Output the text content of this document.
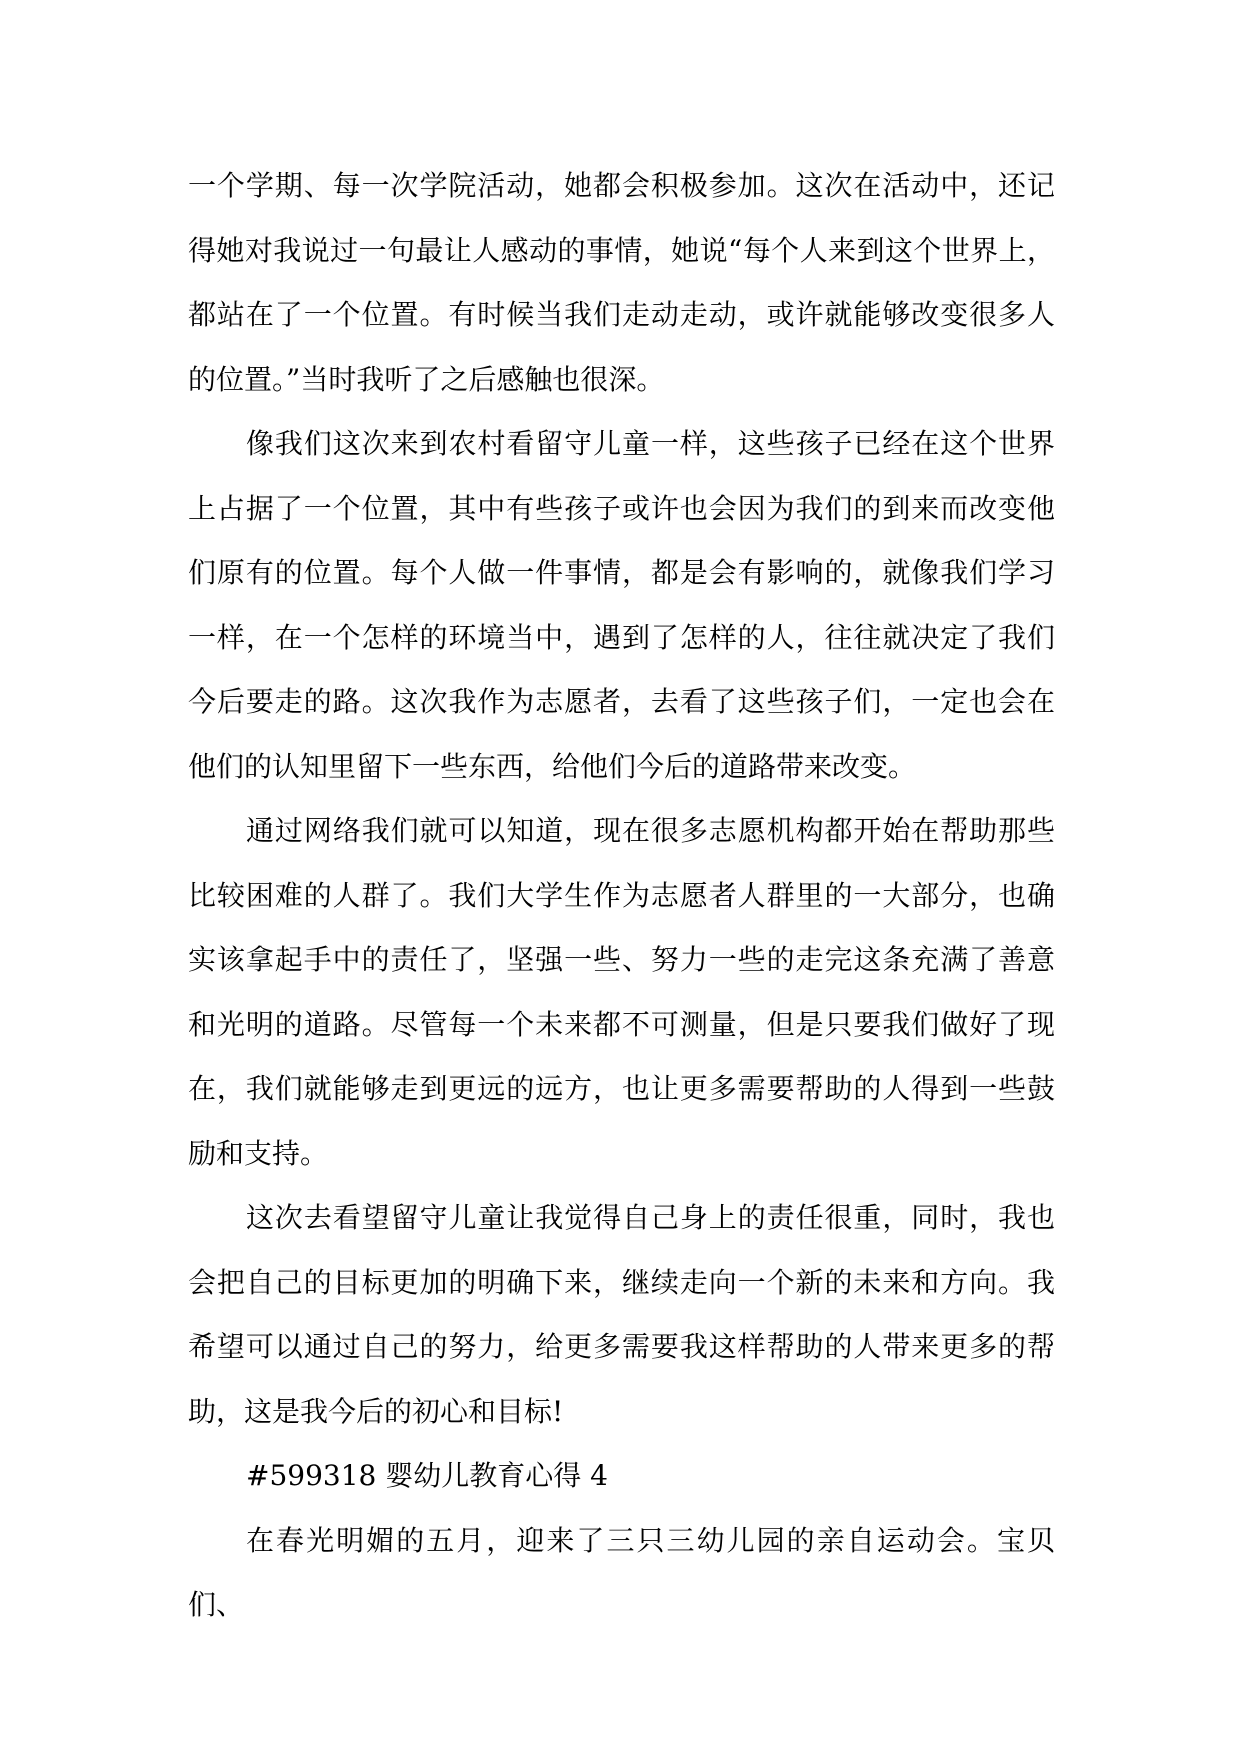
一个学期、每一次学院活动，她都会积极参加。这次在活动中，还记得她对我说过一句最让人感动的事情，她说“每个人来到这个世界上，都站在了一个位置。有时候当我们走动走动，或许就能够改变很多人的位置。”当时我听了之后感触也很深。

像我们这次来到农村看留守儿童一样，这些孩子已经在这个世界上占据了一个位置，其中有些孩子或许也会因为我们的到来而改变他们原有的位置。每个人做一件事情，都是会有影响的，就像我们学习一样，在一个怎样的环境当中，遇到了怎样的人，往往就决定了我们今后要走的路。这次我作为志愿者，去看了这些孩子们，一定也会在他们的认知里留下一些东西，给他们今后的道路带来改变。

通过网络我们就可以知道，现在很多志愿机构都开始在帮助那些比较困难的人群了。我们大学生作为志愿者人群里的一大部分，也确实该拿起手中的责任了，坚强一些、努力一些的走完这条充满了善意和光明的道路。尽管每一个未来都不可测量，但是只要我们做好了现在，我们就能够走到更远的远方，也让更多需要帮助的人得到一些鼓励和支持。

这次去看望留守儿童让我觉得自己身上的责任很重，同时，我也会把自己的目标更加的明确下来，继续走向一个新的未来和方向。我希望可以通过自己的努力，给更多需要我这样帮助的人带来更多的帮助，这是我今后的初心和目标!

#599318 婴幼儿教育心得 4

在春光明媚的五月，迎来了三只三幼儿园的亲自运动会。宝贝们、
